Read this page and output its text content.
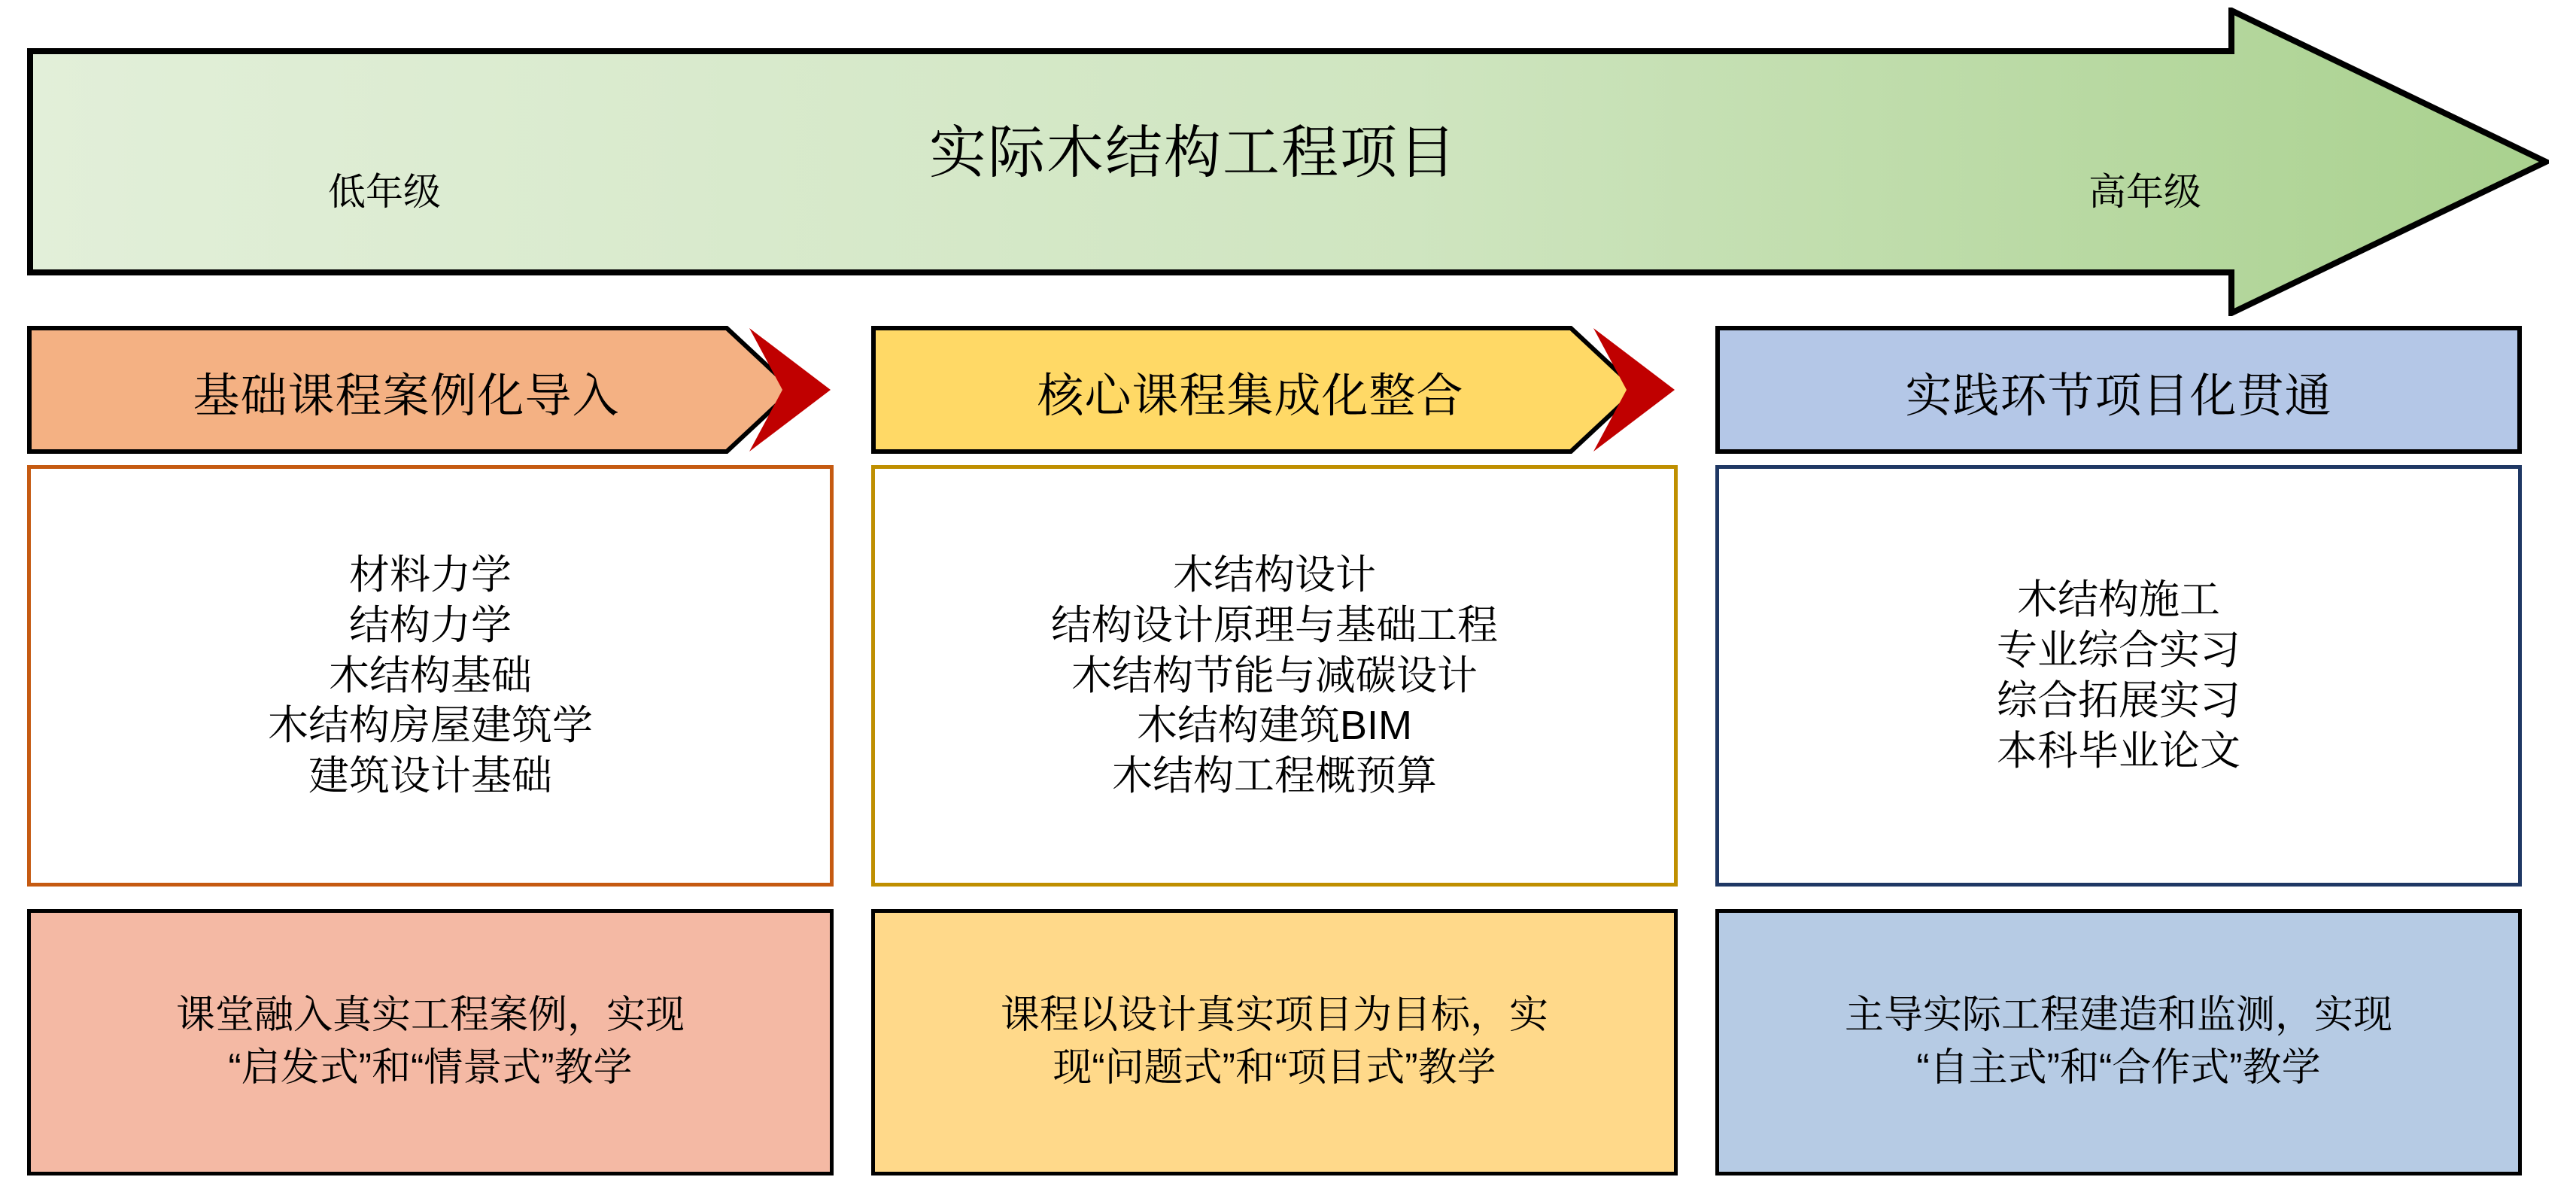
实际木结构工程项目
低年级	高年级
基础课程案例化导入
材料力学
结构力学
木结构基础
木结构房屋建筑学
建筑设计基础
课堂融入真实工程案例，实现
“启发式”和“情景式”教学
核心课程集成化整合
木结构设计
结构设计原理与基础工程
木结构节能与减碳设计
木结构建筑BIM
木结构工程概预算
课程以设计真实项目为目标，实
现“问题式”和“项目式”教学
实践环节项目化贯通
木结构施工
专业综合实习
综合拓展实习
本科毕业论文
主导实际工程建造和监测，实现
“自主式”和“合作式”教学
